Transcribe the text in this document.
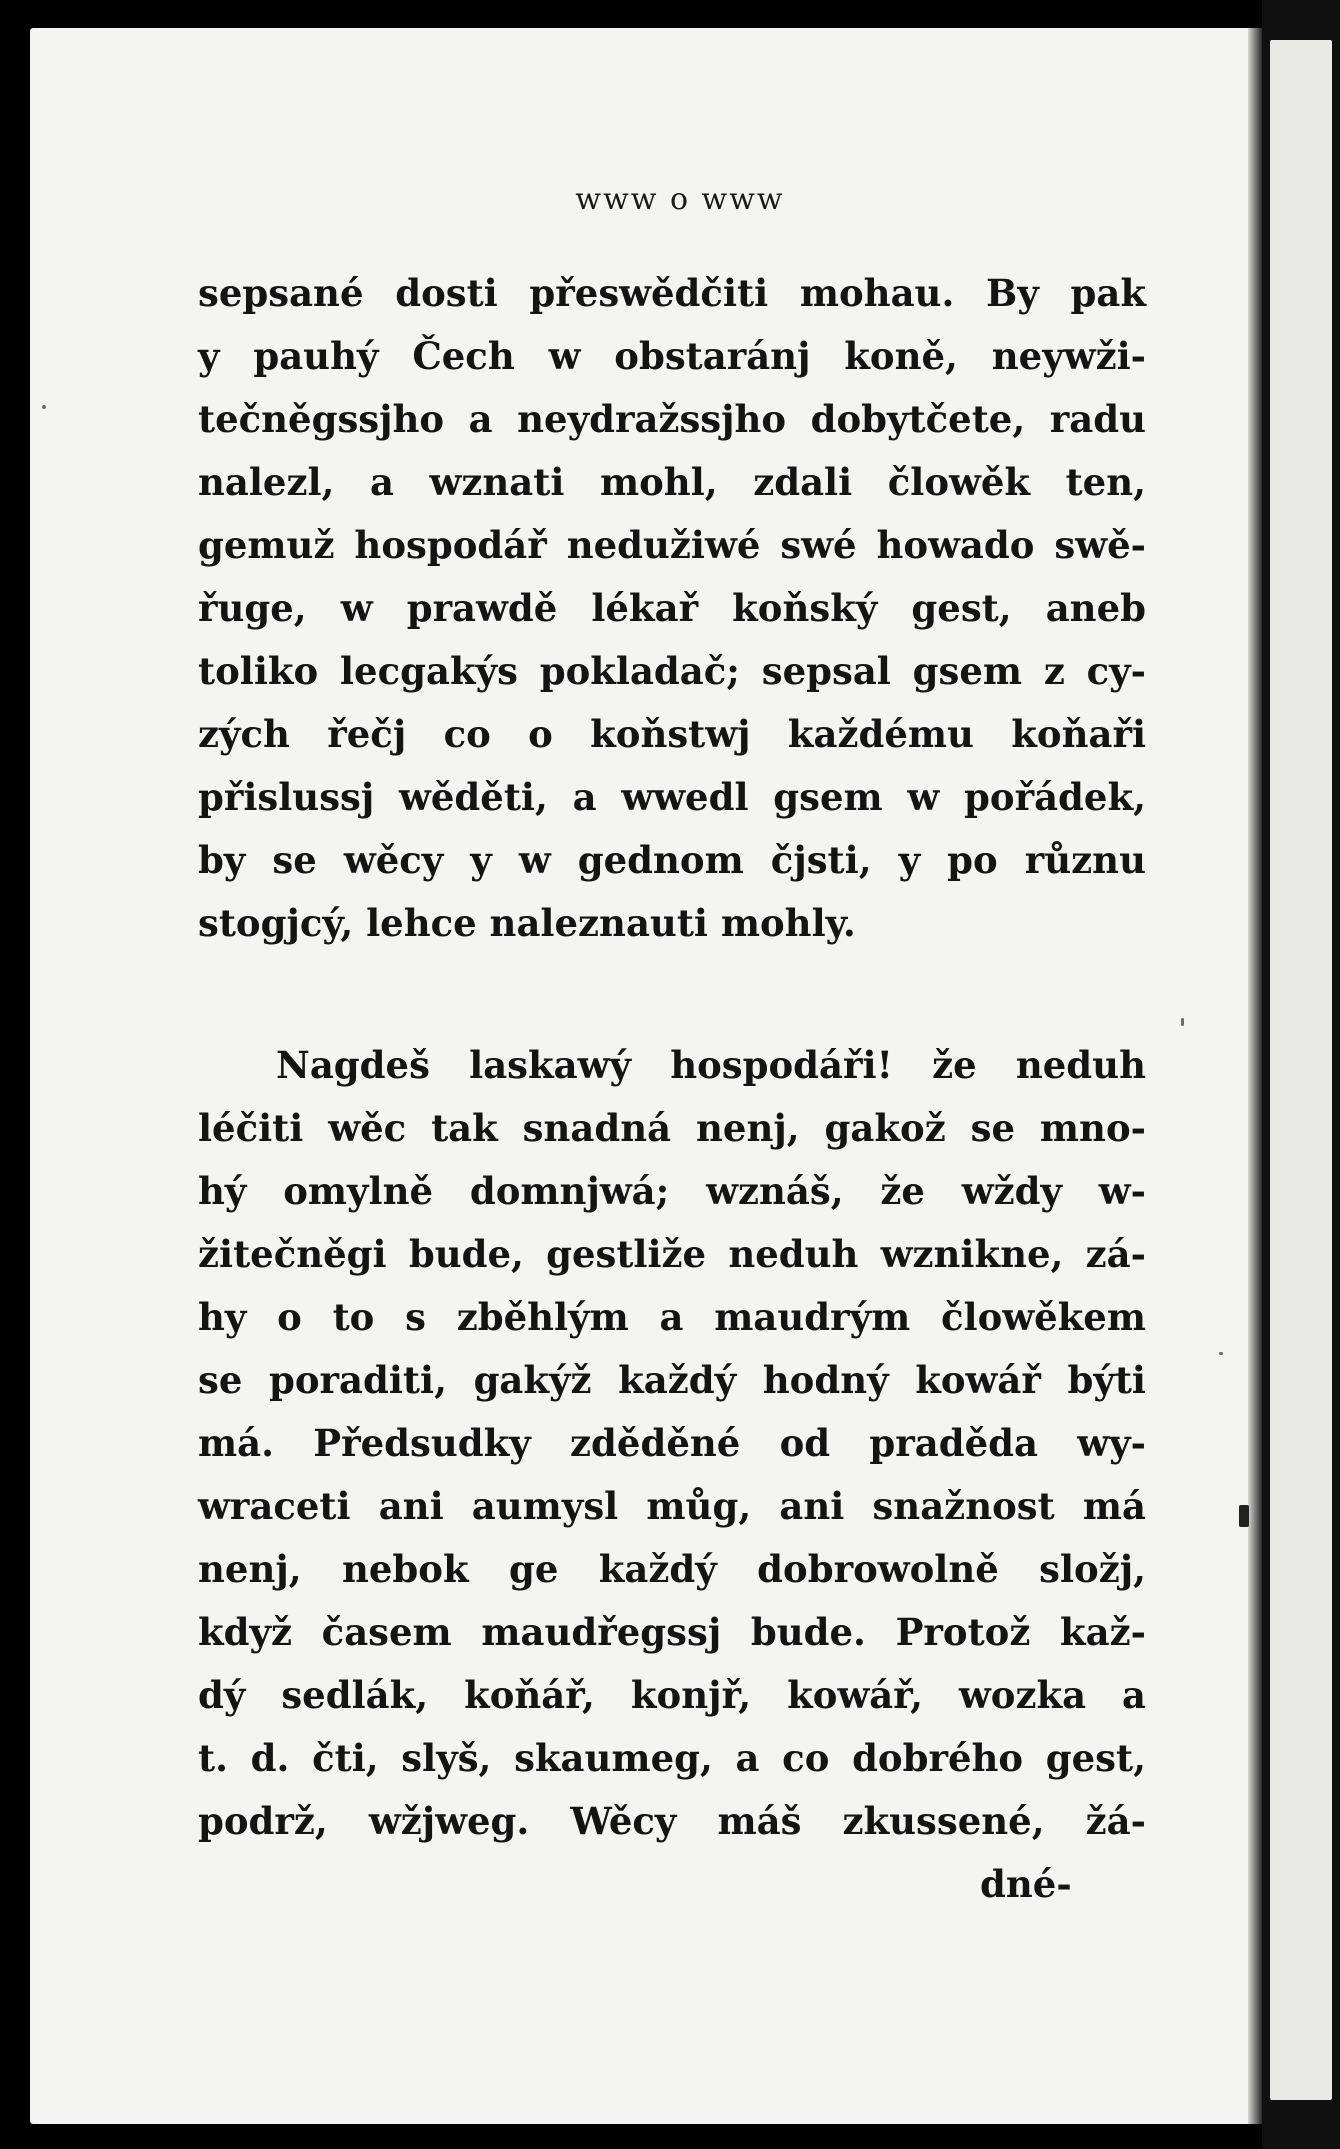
www o www
sepsané dosti přeswědčiti mohau. By pak
y pauhý Čech w obstaránj koně, neywži-
tečněgssjho a neydražssjho dobytčete, radu
nalezl, a wznati mohl, zdali člowěk ten,
gemuž hospodář nedužiwé swé howado swě-
řuge, w prawdě lékař koňský gest, aneb
toliko lecgakýs pokladač; sepsal gsem z cy-
zých řečj co o koňstwj každému koňaři
přislussj wěděti, a wwedl gsem w pořádek,
by se wěcy y w gednom čjsti, y po různu
stogjcý, lehce naleznauti mohly.
Nagdeš laskawý hospodáři! že neduh
léčiti wěc tak snadná nenj, gakož se mno-
hý omylně domnjwá; wznáš, že wždy w-
žitečněgi bude, gestliže neduh wznikne, zá-
hy o to s zběhlým a maudrým člowěkem
se poraditi, gakýž každý hodný kowář býti
má. Předsudky zděděné od praděda wy-
wraceti ani aumysl můg, ani snažnost má
nenj, nebok ge každý dobrowolně složj,
když časem maudřegssj bude. Protož kaž-
dý sedlák, koňář, konjř, kowář, wozka a
t. d. čti, slyš, skaumeg, a co dobrého gest,
podrž, wžjweg. Wěcy máš zkussené, žá-
dné-
